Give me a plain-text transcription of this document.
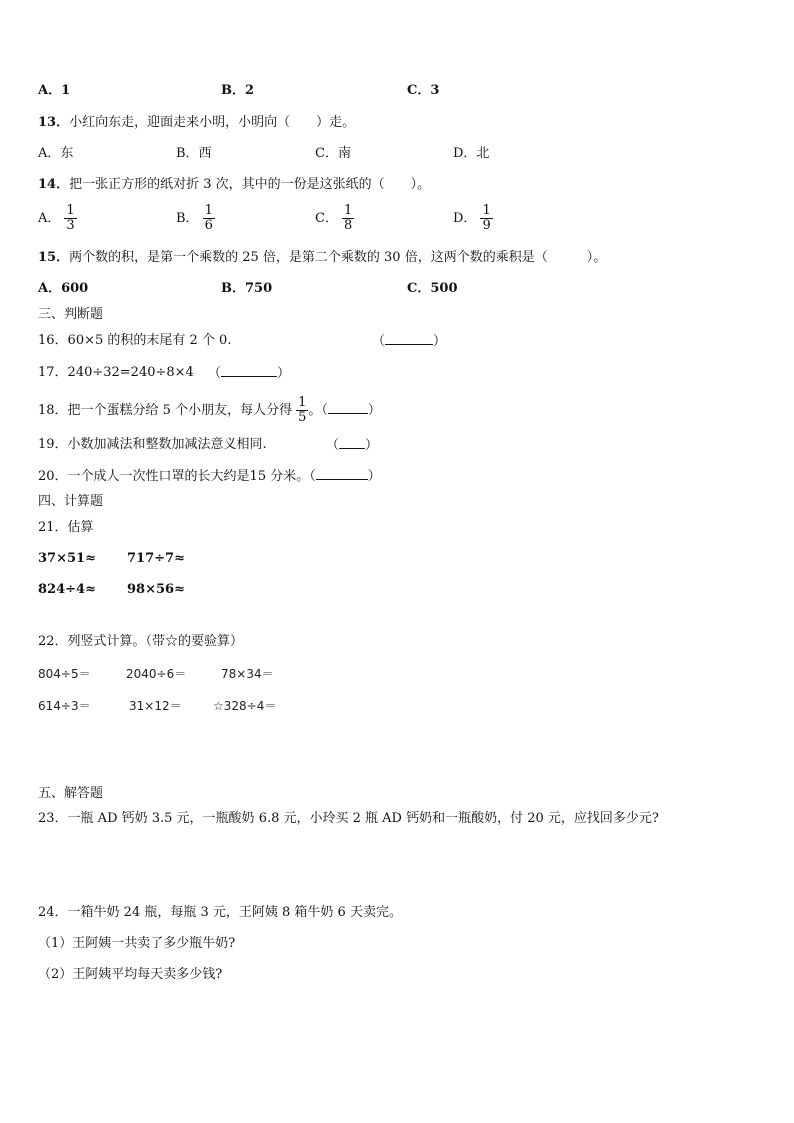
A．1	B．2	C．3
13．小红向东走，迎面走来小明，小明向（　　）走。
A．东	B．西	C．南	D．北
14．把一张正方形的纸对折 3 次，其中的一份是这张纸的（　　）。
A． $\frac{1}{3}$	B． $\frac{1}{6}$	C． $\frac{1}{8}$	D． $\frac{1}{9}$
15．两个数的积，是第一个乘数的 25 倍，是第二个乘数的 30 倍，这两个数的乘积是（　　　）。
A．600	B．750	C．500
三、判断题
16．60×5 的积的末尾有 2 个 0.	（	）
17．240÷32=240÷8×4 （	）
18．把一个蛋糕分给 5 个小朋友，每人分得 $\frac{1}{5}$ 。（	）
19．小数加减法和整数加减法意义相同.	（ ）
20．一个成人一次性口罩的长大约是15 分米。（	）
四、计算题
21．估算
37×51≈ 717÷7≈
824÷4≈ 98×56≈
22．列竖式计算。（带☆的要验算）
804÷5＝	2040÷6＝	78×34＝
614÷3＝	31×12＝	☆328÷4＝
五、解答题
23．一瓶 AD 钙奶 3.5 元，一瓶酸奶 6.8 元，小玲买 2 瓶 AD 钙奶和一瓶酸奶，付 20 元，应找回多少元?
24．一箱牛奶 24 瓶，每瓶 3 元，王阿姨 8 箱牛奶 6 天卖完。
（1）王阿姨一共卖了多少瓶牛奶?
（2）王阿姨平均每天卖多少钱?
